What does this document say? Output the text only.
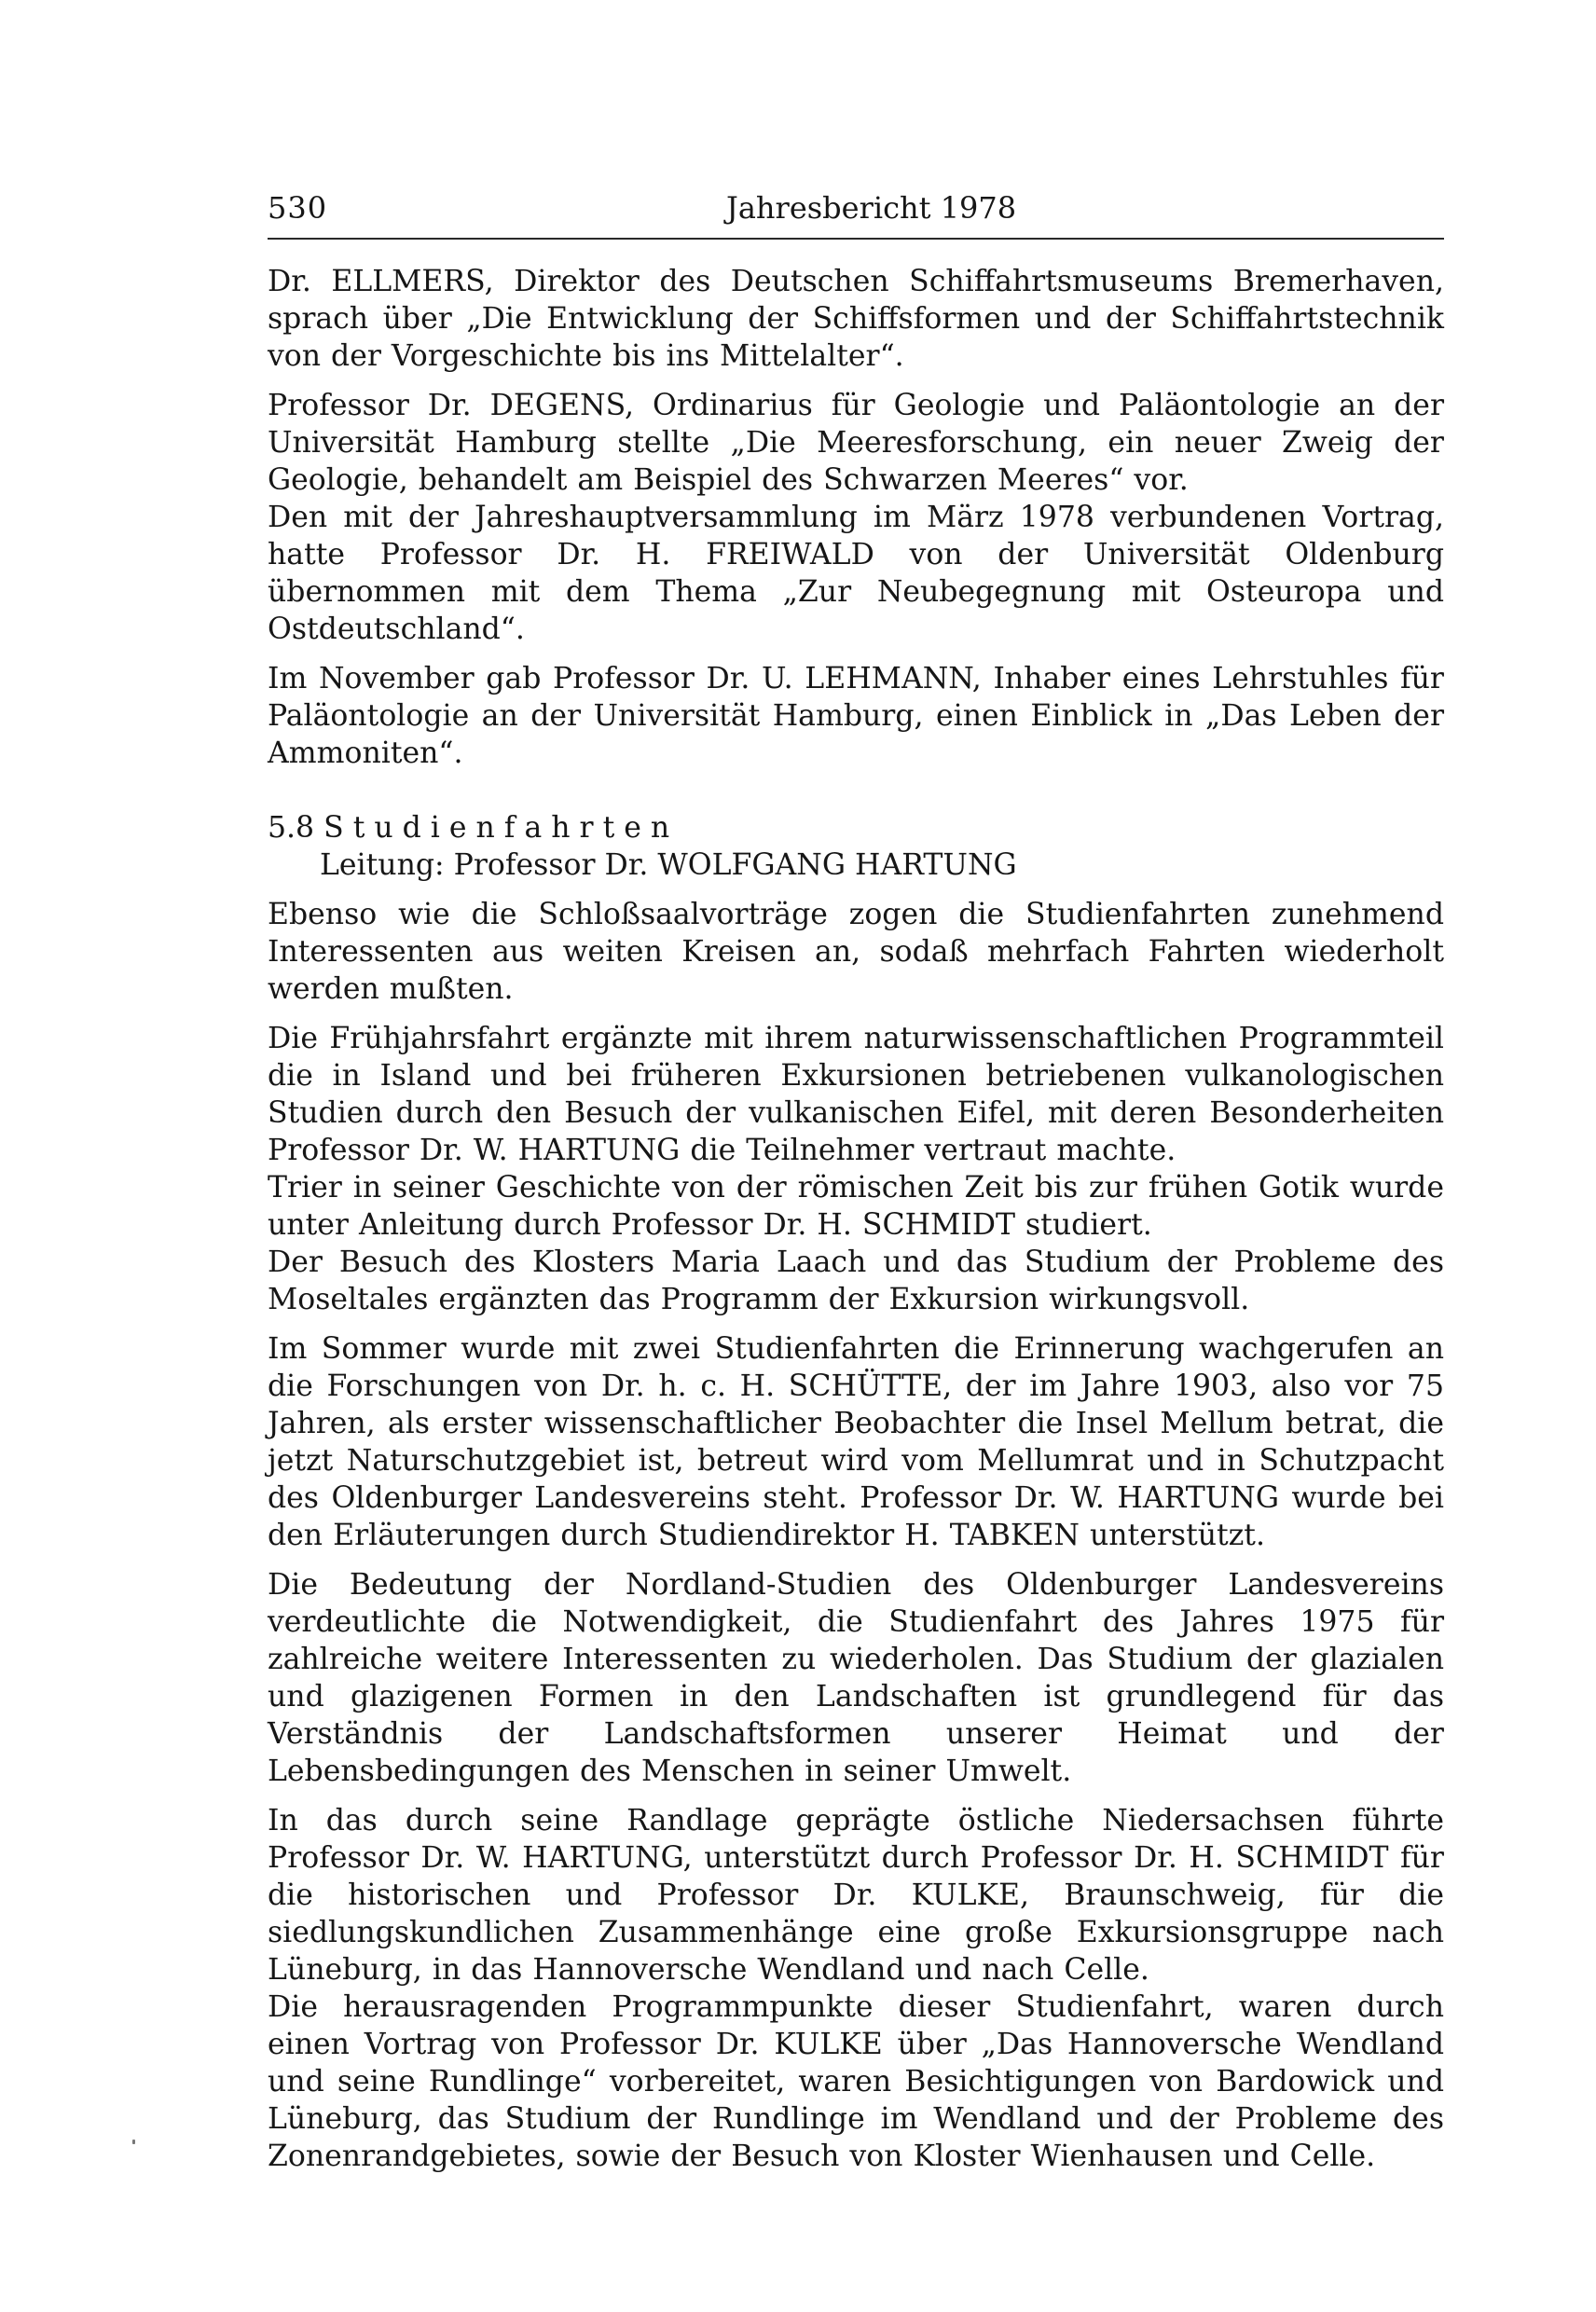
530	Jahresbericht 1978

Dr. ELLMERS, Direktor des Deutschen Schiffahrtsmuseums Bremerhaven, sprach über „Die Entwicklung der Schiffsformen und der Schiffahrtstechnik von der Vorgeschichte bis ins Mittelalter“.

Professor Dr. DEGENS, Ordinarius für Geologie und Paläontologie an der Universität Hamburg stellte „Die Meeresforschung, ein neuer Zweig der Geologie, behandelt am Beispiel des Schwarzen Meeres“ vor.

Den mit der Jahreshauptversammlung im März 1978 verbundenen Vortrag, hatte Professor Dr. H. FREIWALD von der Universität Oldenburg übernommen mit dem Thema „Zur Neubegegnung mit Osteuropa und Ostdeutschland“.

Im November gab Professor Dr. U. LEHMANN, Inhaber eines Lehrstuhles für Paläontologie an der Universität Hamburg, einen Einblick in „Das Leben der Ammoniten“.

5.8 Studienfahrten

Leitung: Professor Dr. WOLFGANG HARTUNG

Ebenso wie die Schloßsaalvorträge zogen die Studienfahrten zunehmend Interessenten aus weiten Kreisen an, sodaß mehrfach Fahrten wiederholt werden mußten.

Die Frühjahrsfahrt ergänzte mit ihrem naturwissenschaftlichen Programmteil die in Island und bei früheren Exkursionen betriebenen vulkanologischen Studien durch den Besuch der vulkanischen Eifel, mit deren Besonderheiten Professor Dr. W. HARTUNG die Teilnehmer vertraut machte.

Trier in seiner Geschichte von der römischen Zeit bis zur frühen Gotik wurde unter Anleitung durch Professor Dr. H. SCHMIDT studiert.

Der Besuch des Klosters Maria Laach und das Studium der Probleme des Moseltales ergänzten das Programm der Exkursion wirkungsvoll.

Im Sommer wurde mit zwei Studienfahrten die Erinnerung wachgerufen an die Forschungen von Dr. h. c. H. SCHÜTTE, der im Jahre 1903, also vor 75 Jahren, als erster wissenschaftlicher Beobachter die Insel Mellum betrat, die jetzt Naturschutzgebiet ist, betreut wird vom Mellumrat und in Schutzpacht des Oldenburger Landesvereins steht. Professor Dr. W. HARTUNG wurde bei den Erläuterungen durch Studiendirektor H. TABKEN unterstützt.

Die Bedeutung der Nordland-Studien des Oldenburger Landesvereins verdeutlichte die Notwendigkeit, die Studienfahrt des Jahres 1975 für zahlreiche weitere Interessenten zu wiederholen. Das Studium der glazialen und glazigenen Formen in den Landschaften ist grundlegend für das Verständnis der Landschaftsformen unserer Heimat und der Lebensbedingungen des Menschen in seiner Umwelt.

In das durch seine Randlage geprägte östliche Niedersachsen führte Professor Dr. W. HARTUNG, unterstützt durch Professor Dr. H. SCHMIDT für die historischen und Professor Dr. KULKE, Braunschweig, für die siedlungskundlichen Zusammenhänge eine große Exkursionsgruppe nach Lüneburg, in das Hannoversche Wendland und nach Celle.

Die herausragenden Programmpunkte dieser Studienfahrt, waren durch einen Vortrag von Professor Dr. KULKE über „Das Hannoversche Wendland und seine Rundlinge“ vorbereitet, waren Besichtigungen von Bardowick und Lüneburg, das Studium der Rundlinge im Wendland und der Probleme des Zonenrandgebietes, sowie der Besuch von Kloster Wienhausen und Celle.
